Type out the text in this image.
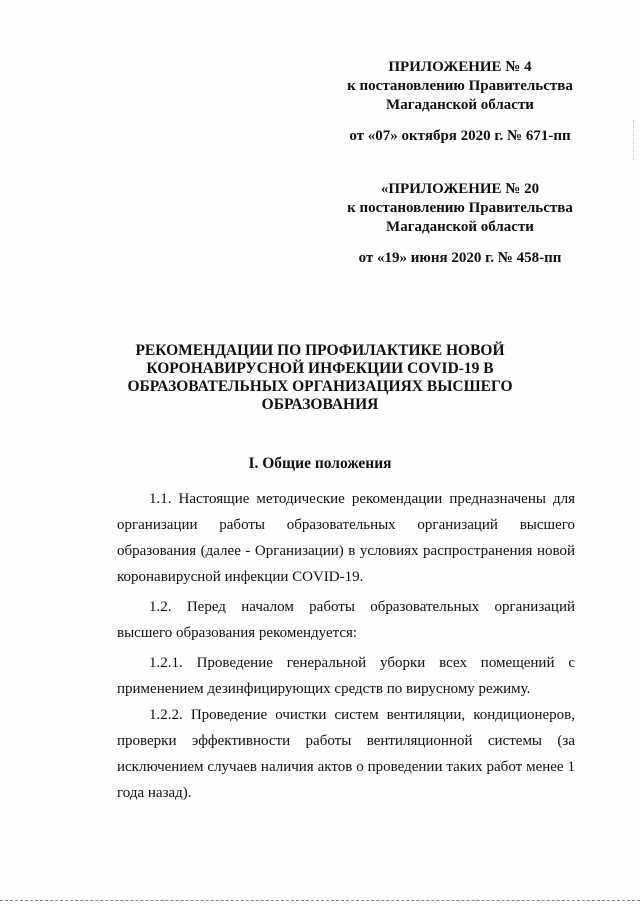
ПРИЛОЖЕНИЕ № 4
к постановлению Правительства
Магаданской области
от «07» октября 2020 г. № 671-пп
«ПРИЛОЖЕНИЕ № 20
к постановлению Правительства
Магаданской области
от «19» июня 2020 г. № 458-пп
РЕКОМЕНДАЦИИ ПО ПРОФИЛАКТИКЕ НОВОЙ
КОРОНАВИРУСНОЙ ИНФЕКЦИИ COVID-19 В
ОБРАЗОВАТЕЛЬНЫХ ОРГАНИЗАЦИЯХ ВЫСШЕГО
ОБРАЗОВАНИЯ
I. Общие положения

1.1. Настоящие методические рекомендации предназначены для организации работы образовательных организаций высшего образования (далее - Организации) в условиях распространения новой коронавирусной инфекции COVID-19.

1.2. Перед началом работы образовательных организаций высшего образования рекомендуется:

1.2.1. Проведение генеральной уборки всех помещений с применением дезинфицирующих средств по вирусному режиму.

1.2.2. Проведение очистки систем вентиляции, кондиционеров, проверки эффективности работы вентиляционной системы (за исключением случаев наличия актов о проведении таких работ менее 1 года назад).
